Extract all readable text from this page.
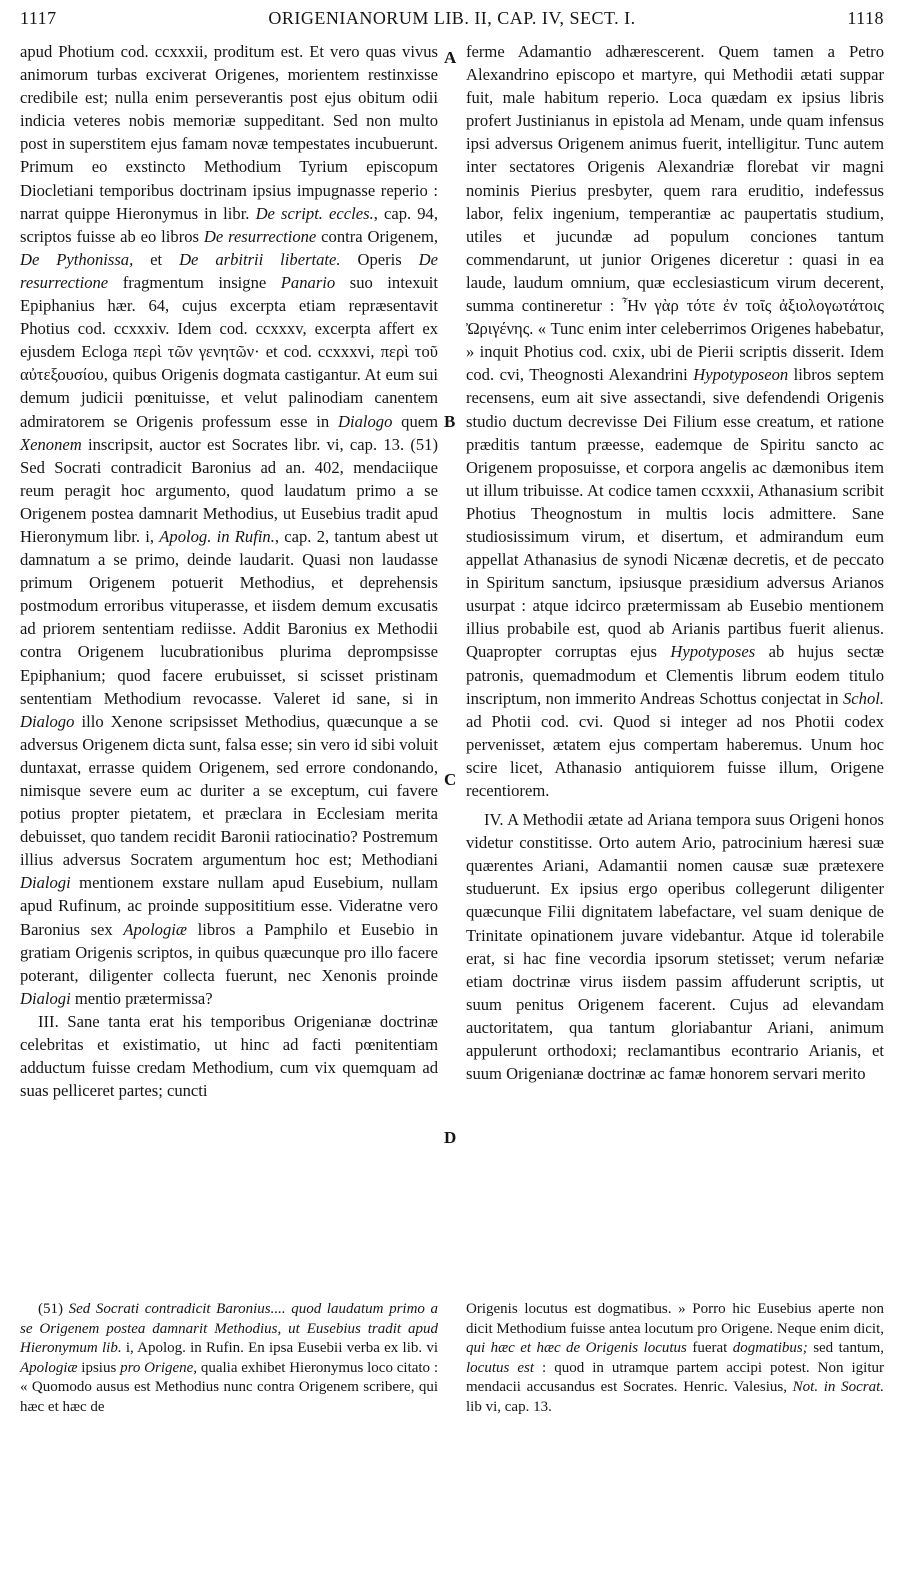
1117	ORIGENIANORUM LIB. II, CAP. IV, SECT. I.	1118
A
B
C
D

apud Photium cod. ccxxxii, proditum est. Et vero quas vivus animorum turbas exciverat Origenes, morientem restinxisse credibile est; nulla enim perseverantis post ejus obitum odii indicia veteres nobis memoriæ suppeditant. Sed non multo post in superstitem ejus famam novæ tempestates incubuerunt. Primum eo exstincto Methodium Tyrium episcopum Diocletiani temporibus doctrinam ipsius impugnasse reperio : narrat quippe Hieronymus in libr. De script. eccles., cap. 94, scriptos fuisse ab eo libros De resurrectione contra Origenem, De Pythonissa, et De arbitrii libertate. Operis De resurrectione fragmentum insigne Panario suo intexuit Epiphanius hær. 64, cujus excerpta etiam repræsentavit Photius cod. ccxxxiv. Idem cod. ccxxxv, excerpta affert ex ejusdem Ecloga περὶ τῶν γενητῶν· et cod. ccxxxvi, περὶ τοῦ αὐτεξουσίου, quibus Origenis dogmata castigantur. At eum sui demum judicii pœnituisse, et velut palinodiam canentem admiratorem se Origenis professum esse in Dialogo quem Xenonem inscripsit, auctor est Socrates libr. vi, cap. 13. (51) Sed Socrati contradicit Baronius ad an. 402, mendaciique reum peragit hoc argumento, quod laudatum primo a se Origenem postea damnarit Methodius, ut Eusebius tradit apud Hieronymum libr. i, Apolog. in Rufin., cap. 2, tantum abest ut damnatum a se primo, deinde laudarit. Quasi non laudasse primum Origenem potuerit Methodius, et deprehensis postmodum erroribus vituperasse, et iisdem demum excusatis ad priorem sententiam rediisse. Addit Baronius ex Methodii contra Origenem lucubrationibus plurima deprompsisse Epiphanium; quod facere erubuisset, si scisset pristinam sententiam Methodium revocasse. Valeret id sane, si in Dialogo illo Xenone scripsisset Methodius, quæcunque a se adversus Origenem dicta sunt, falsa esse; sin vero id sibi voluit duntaxat, errasse quidem Origenem, sed errore condonando, nimisque severe eum ac duriter a se exceptum, cui favere potius propter pietatem, et præclara in Ecclesiam merita debuisset, quo tandem recidit Baronii ratiocinatio? Postremum illius adversus Socratem argumentum hoc est; Methodiani Dialogi mentionem exstare nullam apud Eusebium, nullam apud Rufinum, ac proinde supposititium esse. Videratne vero Baronius sex Apologiæ libros a Pamphilo et Eusebio in gratiam Origenis scriptos, in quibus quæcunque pro illo facere poterant, diligenter collecta fuerunt, nec Xenonis proinde Dialogi mentio prætermissa?

III. Sane tanta erat his temporibus Origenianæ doctrinæ celebritas et existimatio, ut hinc ad facti pœnitentiam adductum fuisse credam Methodium, cum vix quemquam ad suas pelliceret partes; cuncti

ferme Adamantio adhærescerent. Quem tamen a Petro Alexandrino episcopo et martyre, qui Methodii ætati suppar fuit, male habitum reperio. Loca quædam ex ipsius libris profert Justinianus in epistola ad Menam, unde quam infensus ipsi adversus Origenem animus fuerit, intelligitur. Tunc autem inter sectatores Origenis Alexandriæ florebat vir magni nominis Pierius presbyter, quem rara eruditio, indefessus labor, felix ingenium, temperantiæ ac paupertatis studium, utiles et jucundæ ad populum conciones tantum commendarunt, ut junior Origenes diceretur : quasi in ea laude, laudum omnium, quæ ecclesiasticum virum decerent, summa contineretur : Ἦν γὰρ τότε ἐν τοῖς ἀξιολογωτάτοις Ὠριγένης. « Tunc enim inter celeberrimos Origenes habebatur, » inquit Photius cod. cxix, ubi de Pierii scriptis disserit. Idem cod. cvi, Theognosti Alexandrini Hypotyposeon libros septem recensens, eum ait sive assectandi, sive defendendi Origenis studio ductum decrevisse Dei Filium esse creatum, et ratione præditis tantum præesse, eademque de Spiritu sancto ac Origenem proposuisse, et corpora angelis ac dæmonibus item ut illum tribuisse. At codice tamen ccxxxii, Athanasium scribit Photius Theognostum in multis locis admittere. Sane studiosissimum virum, et disertum, et admirandum eum appellat Athanasius de synodi Nicænæ decretis, et de peccato in Spiritum sanctum, ipsiusque præsidium adversus Arianos usurpat : atque idcirco prætermissam ab Eusebio mentionem illius probabile est, quod ab Arianis partibus fuerit alienus. Quapropter corruptas ejus Hypotyposes ab hujus sectæ patronis, quemadmodum et Clementis librum eodem titulo inscriptum, non immerito Andreas Schottus conjectat in Schol. ad Photii cod. cvi. Quod si integer ad nos Photii codex pervenisset, ætatem ejus compertam haberemus. Unum hoc scire licet, Athanasio antiquiorem fuisse illum, Origene recentiorem.

IV. A Methodii ætate ad Ariana tempora suus Origeni honos videtur constitisse. Orto autem Ario, patrocinium hæresi suæ quærentes Ariani, Adamantii nomen causæ suæ prætexere studuerunt. Ex ipsius ergo operibus collegerunt diligenter quæcunque Filii dignitatem labefactare, vel suam denique de Trinitate opinationem juvare videbantur. Atque id tolerabile erat, si hac fine vecordia ipsorum stetisset; verum nefariæ etiam doctrinæ virus iisdem passim affuderunt scriptis, ut suum penitus Origenem facerent. Cujus ad elevandam auctoritatem, qua tantum gloriabantur Ariani, animum appulerunt orthodoxi; reclamantibus econtrario Arianis, et suum Origenianæ doctrinæ ac famæ honorem servari merito

(51) Sed Socrati contradicit Baronius.... quod laudatum primo a se Origenem postea damnarit Methodius, ut Eusebius tradit apud Hieronymum lib. i, Apolog. in Rufin. En ipsa Eusebii verba ex lib. vi Apologiæ ipsius pro Origene, qualia exhibet Hieronymus loco citato : « Quomodo ausus est Methodius nunc contra Origenem scribere, qui hæc et hæc de

Origenis locutus est dogmatibus. » Porro hic Eusebius aperte non dicit Methodium fuisse antea locutum pro Origene. Neque enim dicit, qui hæc et hæc de Origenis locutus fuerat dogmatibus; sed tantum, locutus est : quod in utramque partem accipi potest. Non igitur mendacii accusandus est Socrates. Henric. Valesius, Not. in Socrat. lib vi, cap. 13.
